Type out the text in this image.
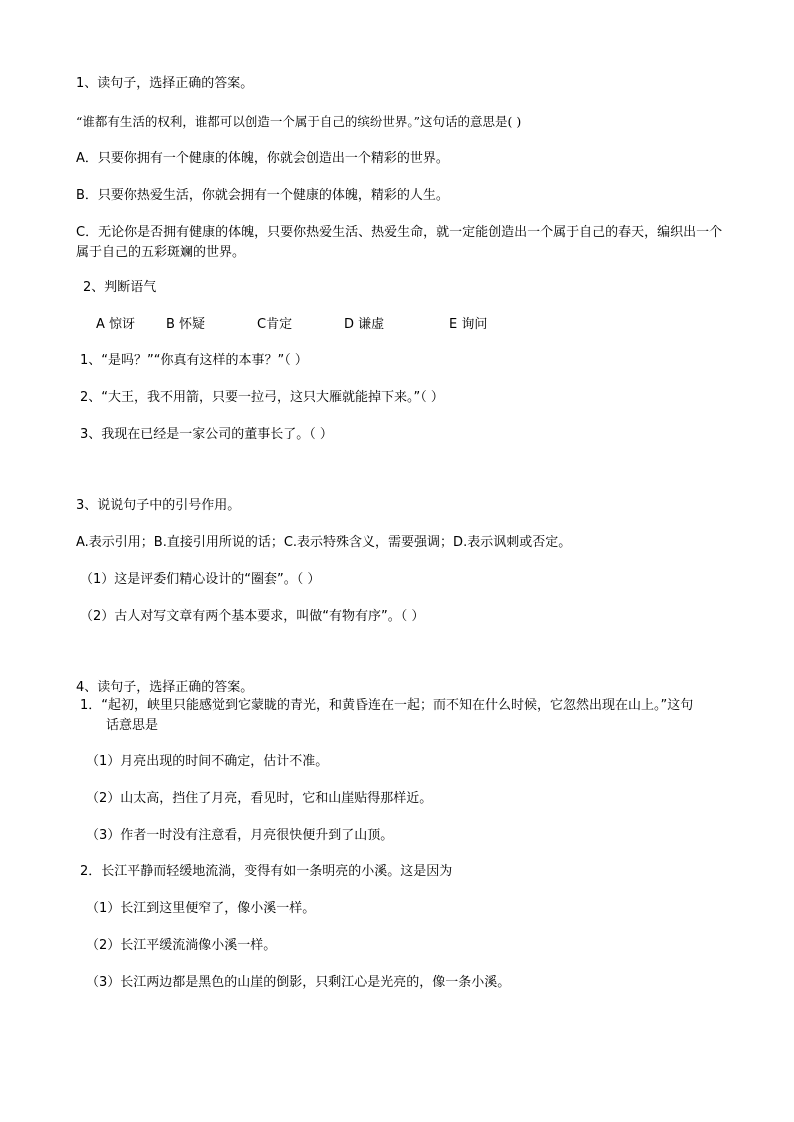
1、读句子，选择正确的答案。
“谁都有生活的权利，谁都可以创造一个属于自己的缤纷世界。”这句话的意思是( )
A．只要你拥有一个健康的体魄，你就会创造出一个精彩的世界。
B．只要你热爱生活，你就会拥有一个健康的体魄，精彩的人生。
C．无论你是否拥有健康的体魄，只要你热爱生活、热爱生命，就一定能创造出一个属于自己的春天，编织出一个属于自己的五彩斑斓的世界。
2、判断语气
A 惊讶 B 怀疑	C肯定	D 谦虚	E 询问
1、“是吗？”“你真有这样的本事？”（ ）
2、“大王，我不用箭，只要一拉弓，这只大雁就能掉下来。”（ ）
3、我现在已经是一家公司的董事长了。（ ）
3、说说句子中的引号作用。
A.表示引用；B.直接引用所说的话；C.表示特殊含义，需要强调；D.表示讽刺或否定。
（1）这是评委们精心设计的“圈套”。（ ）
（2）古人对写文章有两个基本要求，叫做“有物有序”。（ ）
4、读句子，选择正确的答案。
1．“起初，峡里只能感觉到它蒙眬的青光，和黄昏连在一起；而不知在什么时候，它忽然出现在山上。”这句话意思是
（1）月亮出现的时间不确定，估计不准。
（2）山太高，挡住了月亮，看见时，它和山崖贴得那样近。
（3）作者一时没有注意看，月亮很快便升到了山顶。
2．长江平静而轻缓地流淌，变得有如一条明亮的小溪。这是因为
（1）长江到这里便窄了，像小溪一样。
（2）长江平缓流淌像小溪一样。
（3）长江两边都是黑色的山崖的倒影，只剩江心是光亮的，像一条小溪。
